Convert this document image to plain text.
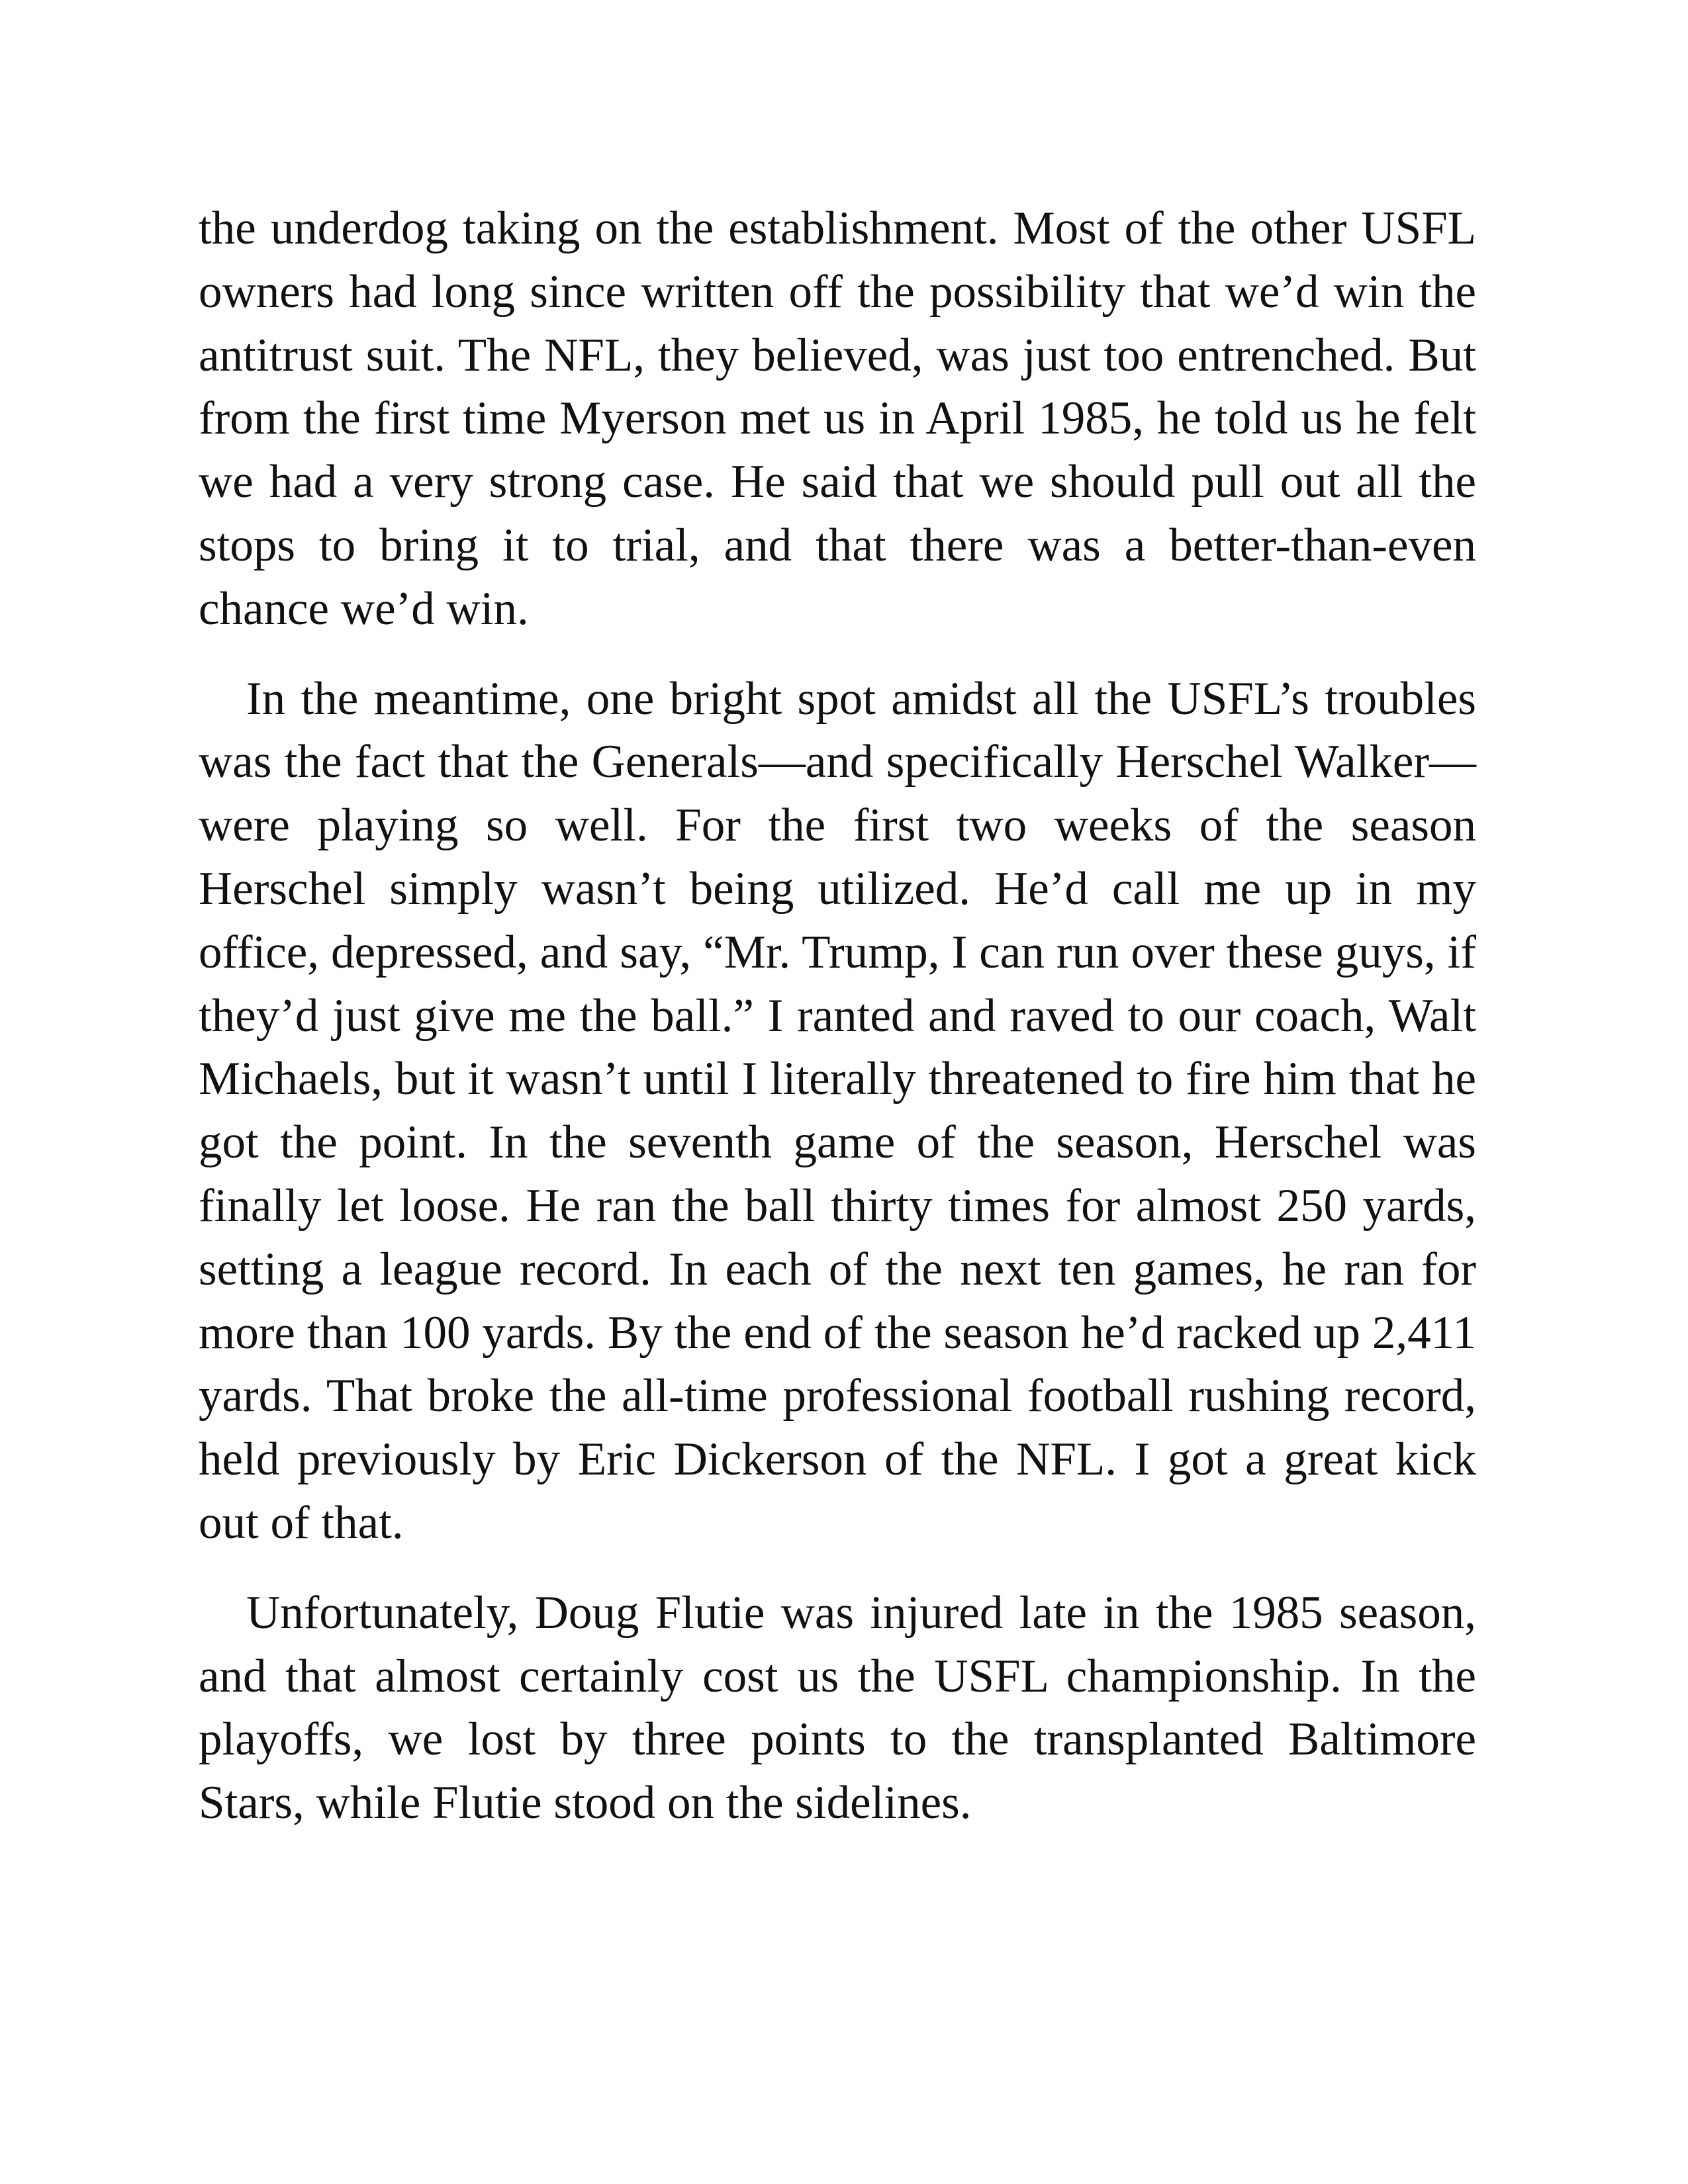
the underdog taking on the establishment. Most of the other USFL owners had long since written off the possibility that we’d win the antitrust suit. The NFL, they believed, was just too entrenched. But from the first time Myerson met us in April 1985, he told us he felt we had a very strong case. He said that we should pull out all the stops to bring it to trial, and that there was a better-than-even chance we’d win.

In the meantime, one bright spot amidst all the USFL’s troubles was the fact that the Generals—and specifically Herschel Walker—were playing so well. For the first two weeks of the season Herschel simply wasn’t being utilized. He’d call me up in my office, depressed, and say, “Mr. Trump, I can run over these guys, if they’d just give me the ball.” I ranted and raved to our coach, Walt Michaels, but it wasn’t until I literally threatened to fire him that he got the point. In the seventh game of the season, Herschel was finally let loose. He ran the ball thirty times for almost 250 yards, setting a league record. In each of the next ten games, he ran for more than 100 yards. By the end of the season he’d racked up 2,411 yards. That broke the all-time professional football rushing record, held previously by Eric Dickerson of the NFL. I got a great kick out of that.

Unfortunately, Doug Flutie was injured late in the 1985 season, and that almost certainly cost us the USFL championship. In the playoffs, we lost by three points to the transplanted Baltimore Stars, while Flutie stood on the sidelines.
